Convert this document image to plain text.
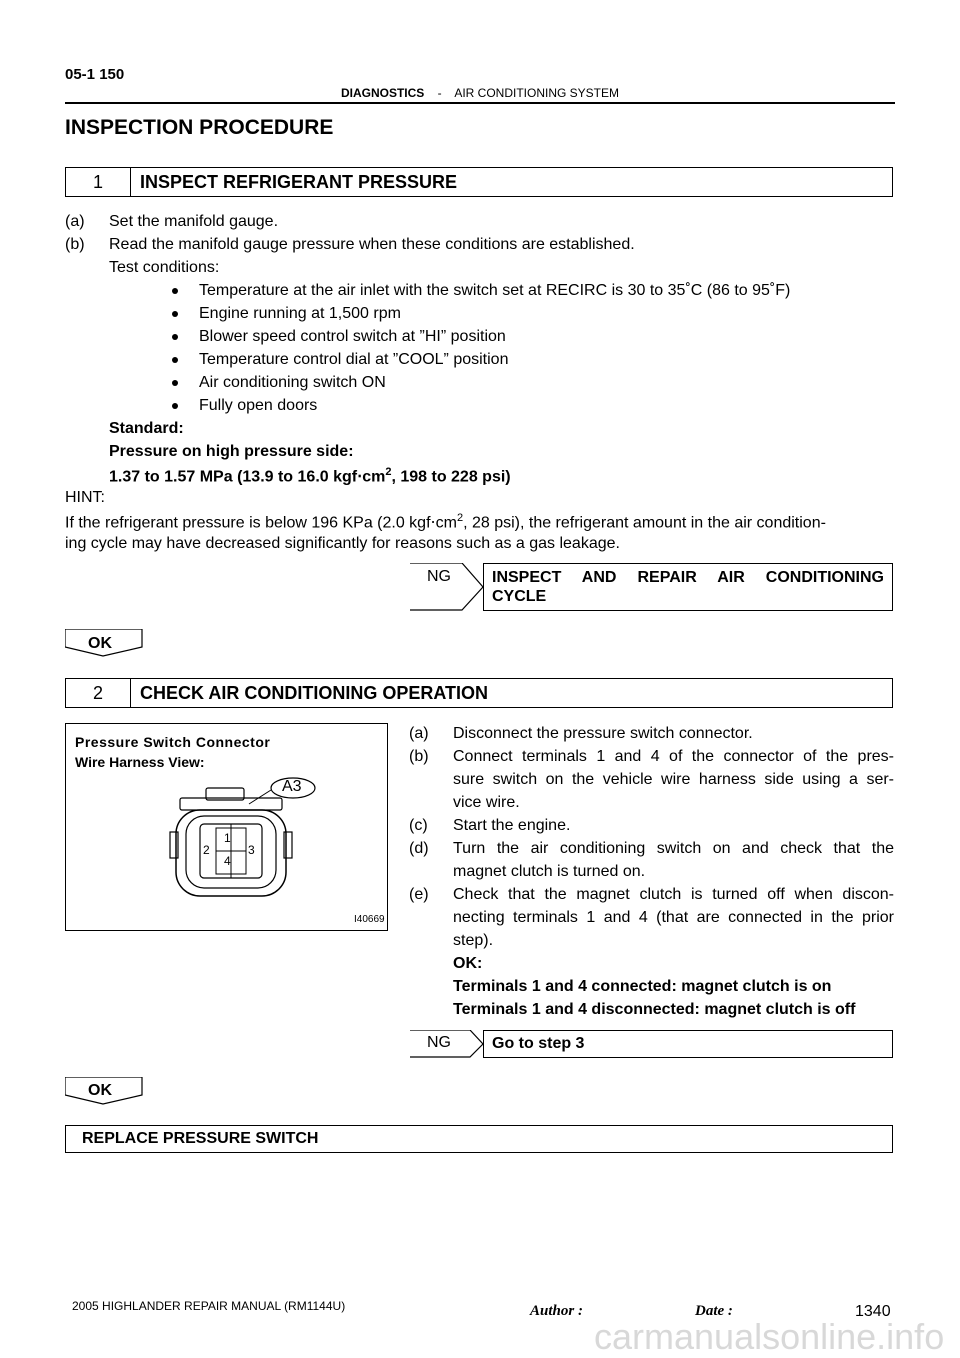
05-1 150
DIAGNOSTICS - AIR CONDITIONING SYSTEM
INSPECTION PROCEDURE
1	INSPECT REFRIGERANT PRESSURE
(a) Set the manifold gauge.
(b) Read the manifold gauge pressure when these conditions are established.
Test conditions:
Temperature at the air inlet with the switch set at RECIRC is 30 to 35˚C (86 to 95˚F)
Engine running at 1,500 rpm
Blower speed control switch at ”HI” position
Temperature control dial at ”COOL” position
Air conditioning switch ON
Fully open doors
Standard:
Pressure on high pressure side:
1.37 to 1.57 MPa (13.9 to 16.0 $kgf\cdot cm^2$, 198 to 228 psi)
HINT:
If the refrigerant pressure is below 196 KPa (2.0 $kgf\cdot cm^2$, 28 psi), the refrigerant amount in the air condition-
ing cycle may have decreased significantly for reasons such as a gas leakage.
NG	INSPECT AND REPAIR AIR CONDITIONING
CYCLE
OK
2	CHECK AIR CONDITIONING OPERATION
Pressure Switch Connector
Wire Harness View:
A3
1
2	3
4
I40669
(a) Disconnect the pressure switch connector.
(b) Connect terminals 1 and 4 of the connector of the pres-
sure switch on the vehicle wire harness side using a ser-
vice wire.
(c) Start the engine.
(d) Turn the air conditioning switch on and check that the
magnet clutch is turned on.
(e) Check that the magnet clutch is turned off when discon-
necting terminals 1 and 4 (that are connected in the prior
step).
OK:
Terminals 1 and 4 connected: magnet clutch is on
Terminals 1 and 4 disconnected: magnet clutch is off
NG	Go to step 3
OK
REPLACE PRESSURE SWITCH
2005 HIGHLANDER REPAIR MANUAL (RM1144U)	Author :	Date :	1340
carmanualsonline.info
